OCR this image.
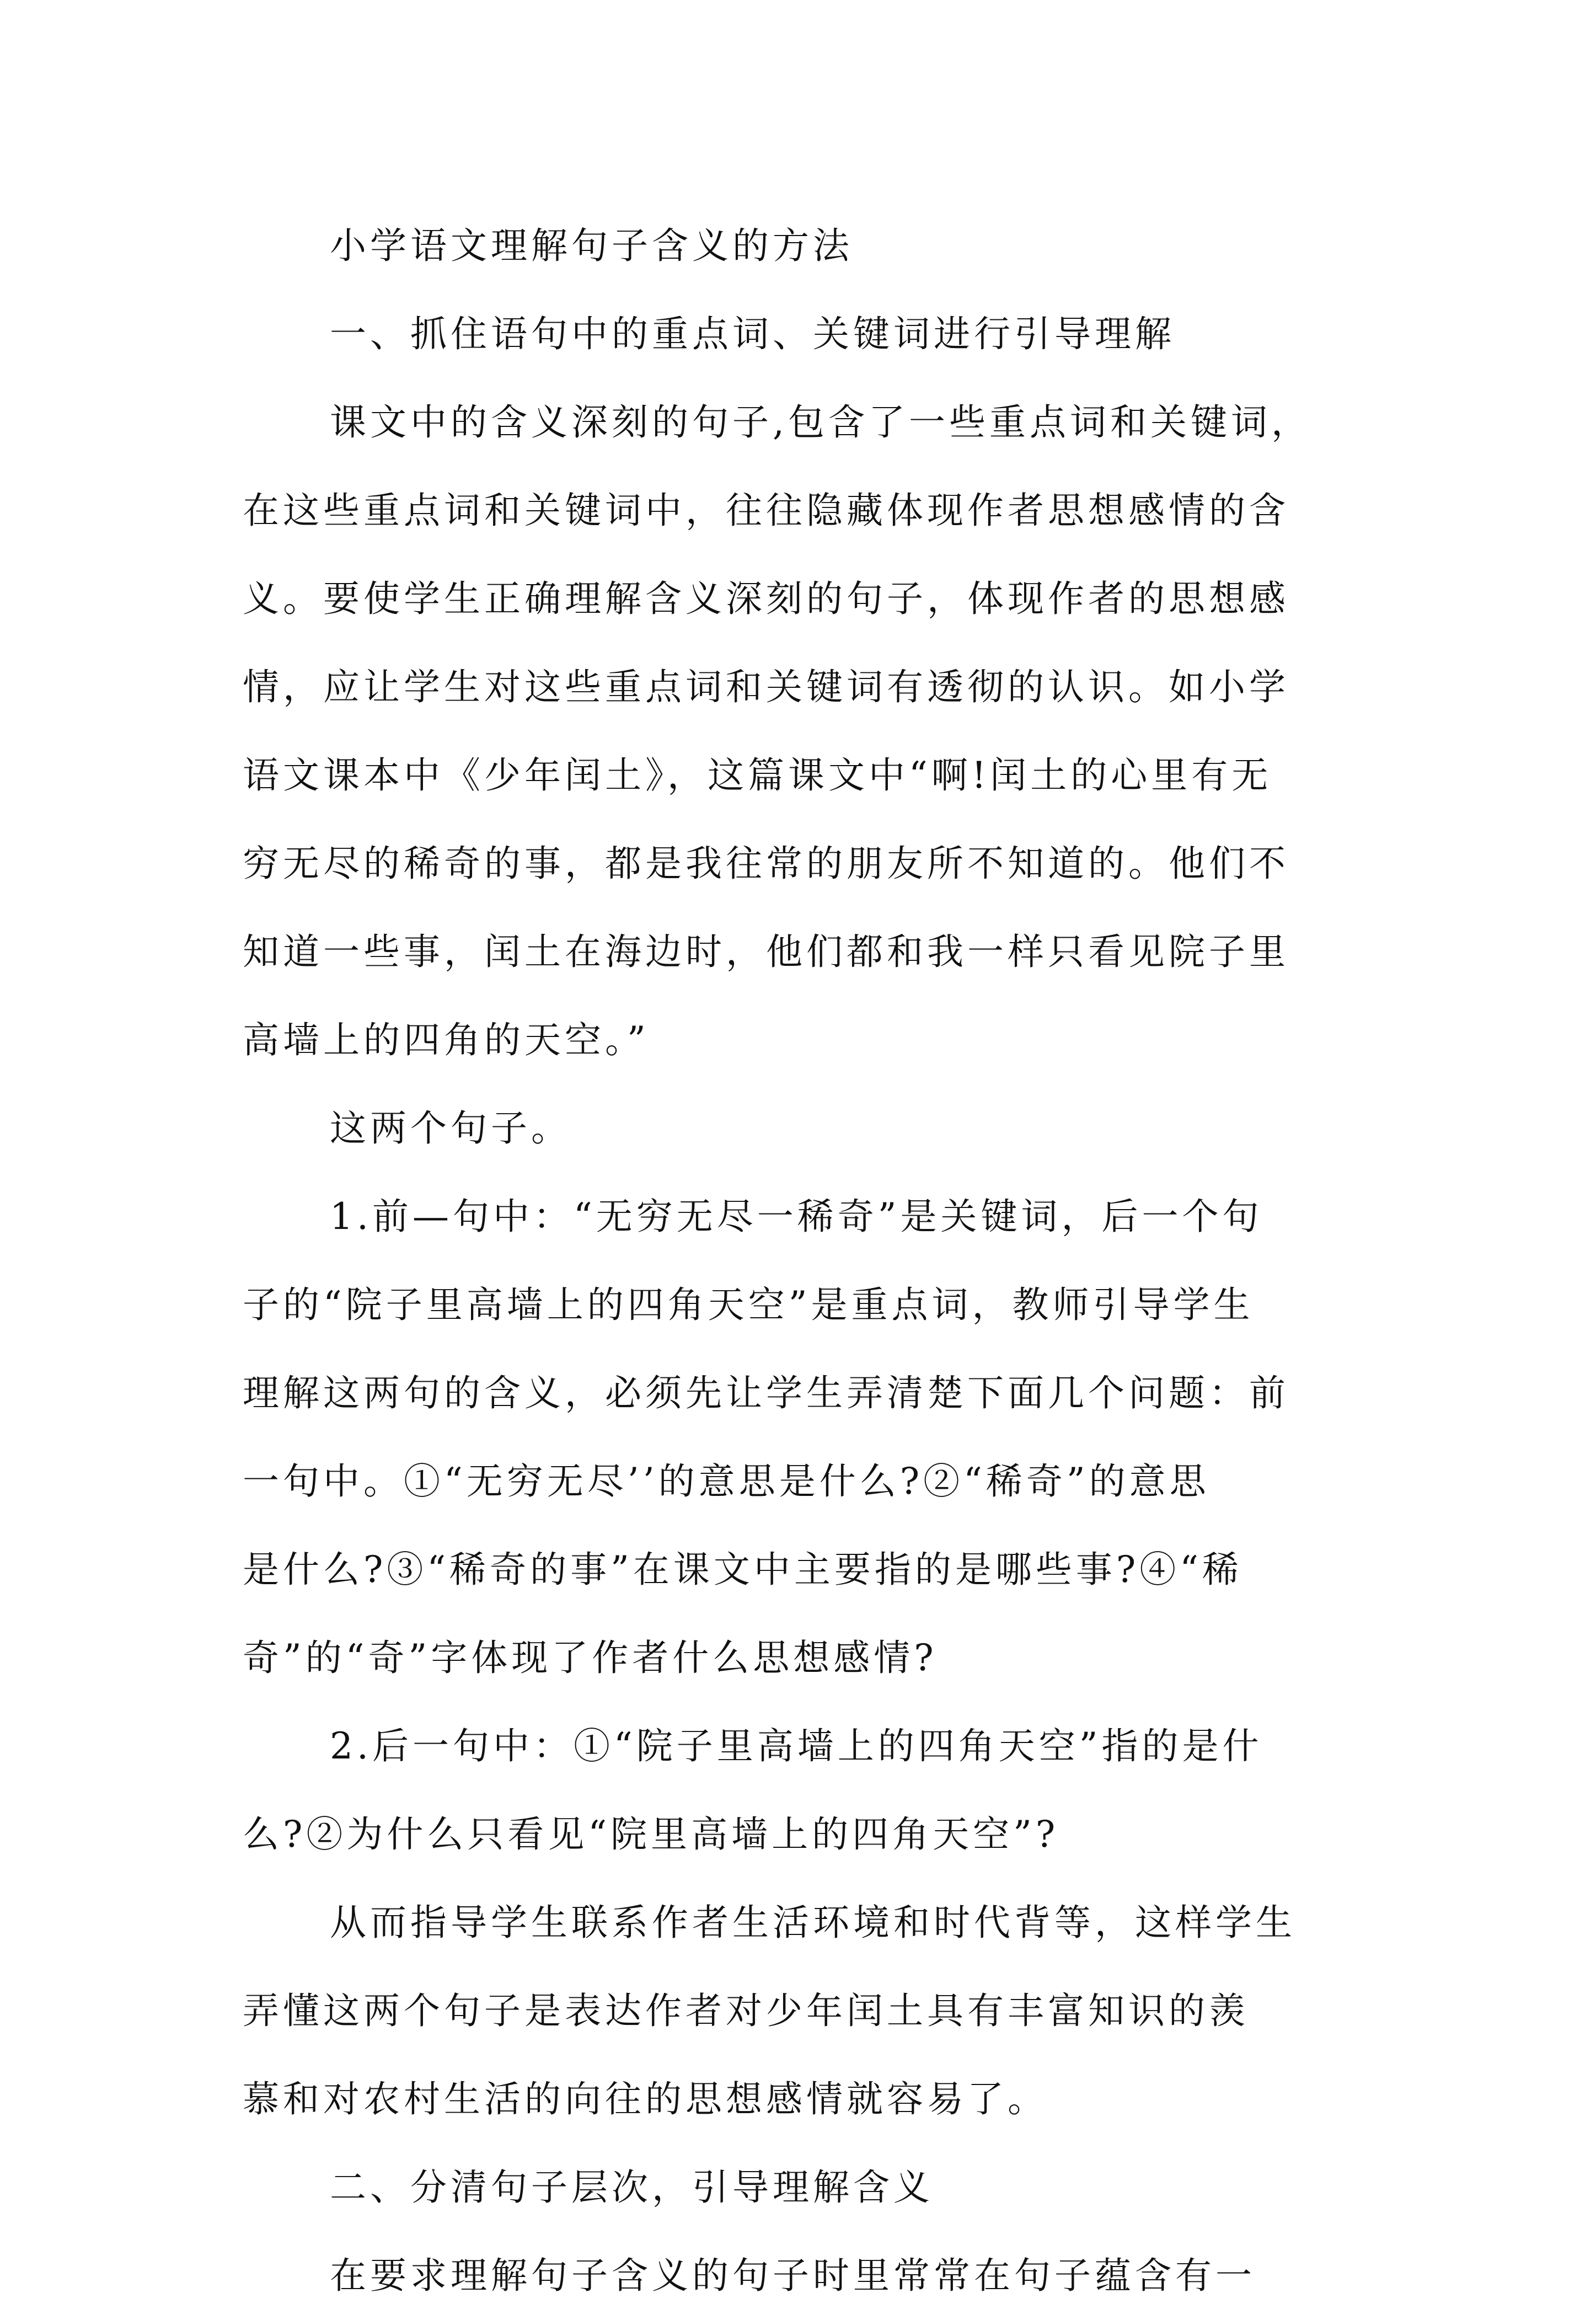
小学语文理解句子含义的方法
一、抓住语句中的重点词、关键词进行引导理解
课文中的含义深刻的句子,包含了一些重点词和关键词，
在这些重点词和关键词中，往往隐藏体现作者思想感情的含
义。要使学生正确理解含义深刻的句子，体现作者的思想感
情，应让学生对这些重点词和关键词有透彻的认识。如小学
语文课本中《少年闰土》，这篇课文中“啊!闰土的心里有无
穷无尽的稀奇的事，都是我往常的朋友所不知道的。他们不
知道一些事，闰土在海边时，他们都和我一样只看见院子里
高墙上的四角的天空。”
这两个句子。
1.前—句中：“无穷无尽一稀奇”是关键词，后一个句
子的“院子里高墙上的四角天空”是重点词，教师引导学生
理解这两句的含义，必须先让学生弄清楚下面几个问题：前
一句中。①“无穷无尽’’的意思是什么?②“稀奇”的意思
是什么?③“稀奇的事”在课文中主要指的是哪些事?④“稀
奇”的“奇”字体现了作者什么思想感情?
2.后一句中：①“院子里高墙上的四角天空”指的是什
么?②为什么只看见“院里高墙上的四角天空”?
从而指导学生联系作者生活环境和时代背等，这样学生
弄懂这两个句子是表达作者对少年闰土具有丰富知识的羡
慕和对农村生活的向往的思想感情就容易了。
二、分清句子层次，引导理解含义
在要求理解句子含义的句子时里常常在句子蕴含有一
